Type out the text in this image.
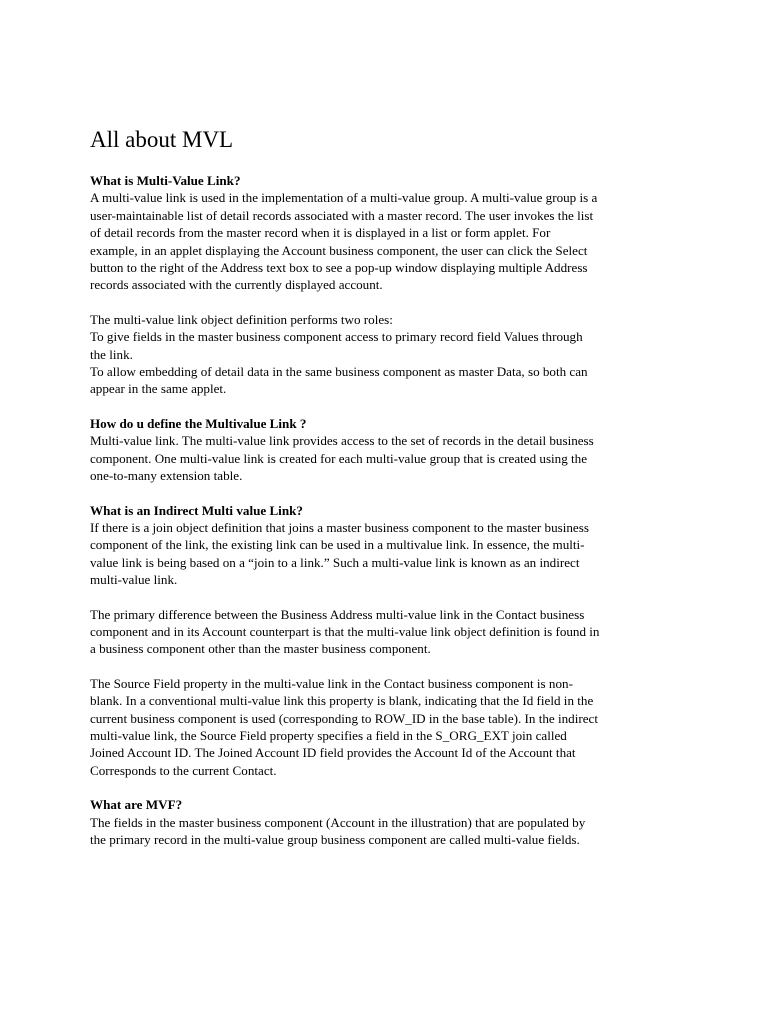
All about MVL
What is Multi-Value Link?
A multi-value link is used in the implementation of a multi-value group. A multi-value group is a
user-maintainable list of detail records associated with a master record. The user invokes the list
of detail records from the master record when it is displayed in a list or form applet. For
example, in an applet displaying the Account business component, the user can click the Select
button to the right of the Address text box to see a pop-up window displaying multiple Address
records associated with the currently displayed account.
The multi-value link object definition performs two roles:
To give fields in the master business component access to primary record field Values through
the link.
To allow embedding of detail data in the same business component as master Data, so both can
appear in the same applet.
How do u define the Multivalue Link ?
Multi-value link. The multi-value link provides access to the set of records in the detail business
component. One multi-value link is created for each multi-value group that is created using the
one-to-many extension table.
What is an Indirect Multi value Link?
If there is a join object definition that joins a master business component to the master business
component of the link, the existing link can be used in a multivalue link. In essence, the multi-
value link is being based on a “join to a link.” Such a multi-value link is known as an indirect
multi-value link.
The primary difference between the Business Address multi-value link in the Contact business
component and in its Account counterpart is that the multi-value link object definition is found in
a business component other than the master business component.
The Source Field property in the multi-value link in the Contact business component is non-
blank. In a conventional multi-value link this property is blank, indicating that the Id field in the
current business component is used (corresponding to ROW_ID in the base table). In the indirect
multi-value link, the Source Field property specifies a field in the S_ORG_EXT join called
Joined Account ID. The Joined Account ID field provides the Account Id of the Account that
Corresponds to the current Contact.
What are MVF?
The fields in the master business component (Account in the illustration) that are populated by
the primary record in the multi-value group business component are called multi-value fields.
